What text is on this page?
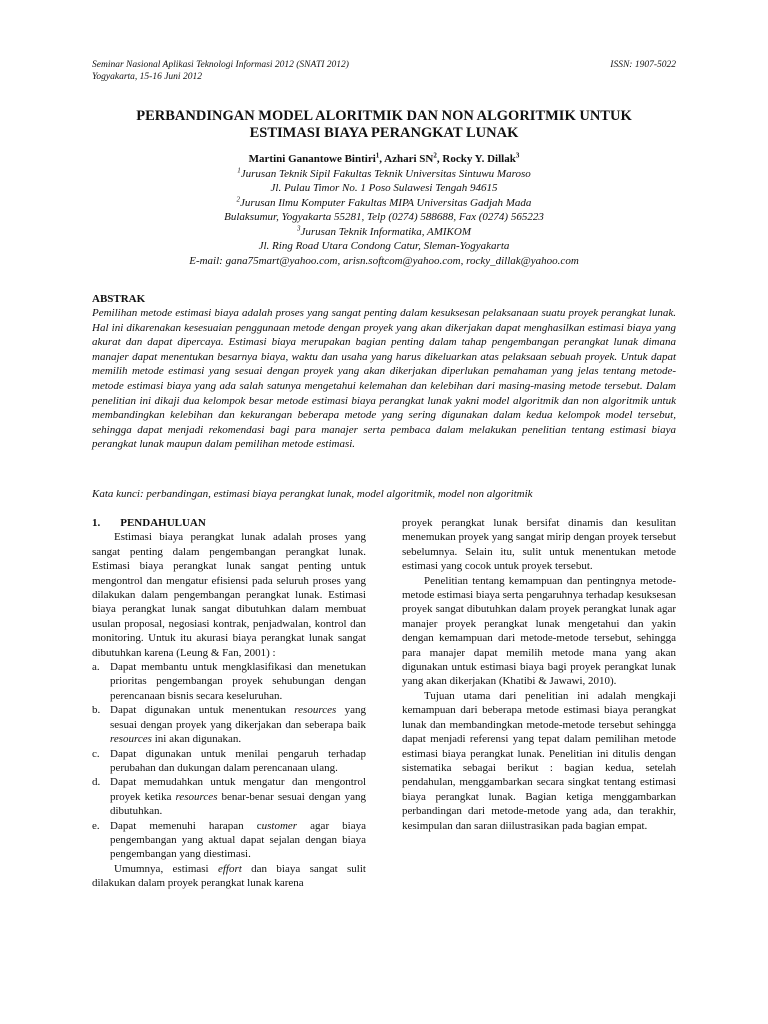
Seminar Nasional Aplikasi Teknologi Informasi 2012 (SNATI 2012)
Yogyakarta, 15-16 Juni 2012
ISSN: 1907-5022
PERBANDINGAN MODEL ALORITMIK DAN NON ALGORITMIK UNTUK
ESTIMASI BIAYA PERANGKAT LUNAK
Martini Ganantowe Bintiri$^1$, Azhari $SN^2$, Rocky Y. Dillak$^3$
$^1$Jurusan Teknik Sipil Fakultas Teknik Universitas Sintuwu Maroso
Jl. Pulau Timor No. 1 Poso Sulawesi Tengah 94615
$^2$Jurusan Ilmu Komputer Fakultas MIPA Universitas Gadjah Mada
Bulaksumur, Yogyakarta 55281, Telp (0274) 588688, Fax (0274) 565223
$^3$Jurusan Teknik Informatika, AMIKOM
Jl. Ring Road Utara Condong Catur, Sleman-Yogyakarta
E-mail: gana75mart@yahoo.com, arisn.softcom@yahoo.com, rocky_dillak@yahoo.com
ABSTRAK
Pemilihan metode estimasi biaya adalah proses yang sangat penting dalam kesuksesan pelaksanaan suatu proyek perangkat lunak. Hal ini dikarenakan kesesuaian penggunaan metode dengan proyek yang akan dikerjakan dapat menghasilkan estimasi biaya yang akurat dan dapat dipercaya. Estimasi biaya merupakan bagian penting dalam tahap pengembangan perangkat lunak dimana manajer dapat menentukan besarnya biaya, waktu dan usaha yang harus dikeluarkan atas pelaksaan sebuah proyek. Untuk dapat memilih metode estimasi yang sesuai dengan proyek yang akan dikerjakan diperlukan pemahaman yang jelas tentang metode-metode estimasi biaya yang ada salah satunya mengetahui kelemahan dan kelebihan dari masing-masing metode tersebut. Dalam penelitian ini dikaji dua kelompok besar metode estimasi biaya perangkat lunak yakni model algoritmik dan non algoritmik untuk membandingkan kelebihan dan kekurangan beberapa metode yang sering digunakan dalam kedua kelompok model tersebut, sehingga dapat menjadi rekomendasi bagi para manajer serta pembaca dalam melakukan penelitian tentang estimasi biaya perangkat lunak maupun dalam pemilihan metode estimasi.
Kata kunci: perbandingan, estimasi biaya perangkat lunak, model algoritmik, model non algoritmik
1. PENDAHULUAN

Estimasi biaya perangkat lunak adalah proses yang sangat penting dalam pengembangan perangkat lunak. Estimasi biaya perangkat lunak sangat penting untuk mengontrol dan mengatur efisiensi pada seluruh proses yang dilakukan dalam pengembangan perangkat lunak. Estimasi biaya perangkat lunak sangat dibutuhkan dalam membuat usulan proposal, negosiasi kontrak, penjadwalan, kontrol dan monitoring. Untuk itu akurasi biaya perangkat lunak sangat dibutuhkan karena (Leung & Fan, 2001) :

a. Dapat membantu untuk mengklasifikasi dan menetukan prioritas pengembangan proyek sehubungan dengan perencanaan bisnis secara keseluruhan.
b. Dapat digunakan untuk menentukan resources yang sesuai dengan proyek yang dikerjakan dan seberapa baik resources ini akan digunakan.
c. Dapat digunakan untuk menilai pengaruh terhadap perubahan dan dukungan dalam perencanaan ulang.
d. Dapat memudahkan untuk mengatur dan mengontrol proyek ketika resources benar-benar sesuai dengan yang dibutuhkan.
e. Dapat memenuhi harapan customer agar biaya pengembangan yang aktual dapat sejalan dengan biaya pengembangan yang diestimasi.

Umumnya, estimasi effort dan biaya sangat sulit dilakukan dalam proyek perangkat lunak karena

proyek perangkat lunak bersifat dinamis dan kesulitan menemukan proyek yang sangat mirip dengan proyek tersebut sebelumnya. Selain itu, sulit untuk menentukan metode estimasi yang cocok untuk proyek tersebut.

Penelitian tentang kemampuan dan pentingnya metode-metode estimasi biaya serta pengaruhnya terhadap kesuksesan proyek sangat dibutuhkan dalam proyek perangkat lunak agar manajer proyek perangkat lunak mengetahui dan yakin dengan kemampuan dari metode-metode tersebut, sehingga para manajer dapat memilih metode mana yang akan digunakan untuk estimasi biaya bagi proyek perangkat lunak yang akan dikerjakan (Khatibi & Jawawi, 2010).

Tujuan utama dari penelitian ini adalah mengkaji kemampuan dari beberapa metode estimasi biaya perangkat lunak dan membandingkan metode-metode tersebut sehingga dapat menjadi referensi yang tepat dalam pemilihan metode estimasi biaya perangkat lunak. Penelitian ini ditulis dengan sistematika sebagai berikut : bagian kedua, setelah pendahulan, menggambarkan secara singkat tentang estimasi biaya perangkat lunak. Bagian ketiga menggambarkan perbandingan dari metode-metode yang ada, dan terakhir, kesimpulan dan saran diilustrasikan pada bagian empat.
